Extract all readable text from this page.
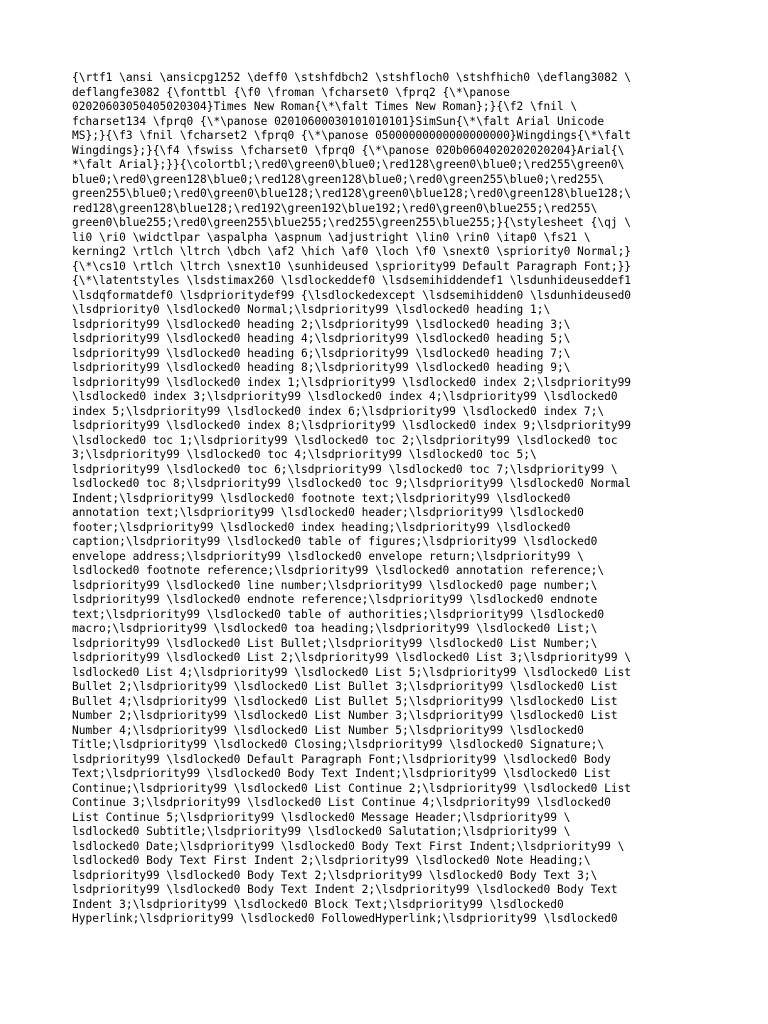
{\rtf1 \ansi \ansicpg1252 \deff0 \stshfdbch2 \stshfloch0 \stshfhich0 \deflang3082 \
deflangfe3082 {\fonttbl {\f0 \froman \fcharset0 \fprq2 {\*\panose
02020603050405020304}Times New Roman{\*\falt Times New Roman};}{\f2 \fnil \
fcharset134 \fprq0 {\*\panose 02010600030101010101}SimSun{\*\falt Arial Unicode
MS};}{\f3 \fnil \fcharset2 \fprq0 {\*\panose 05000000000000000000}Wingdings{\*\falt
Wingdings};}{\f4 \fswiss \fcharset0 \fprq0 {\*\panose 020b0604020202020204}Arial{\
*\falt Arial};}}{\colortbl;\red0\green0\blue0;\red128\green0\blue0;\red255\green0\
blue0;\red0\green128\blue0;\red128\green128\blue0;\red0\green255\blue0;\red255\
green255\blue0;\red0\green0\blue128;\red128\green0\blue128;\red0\green128\blue128;\
red128\green128\blue128;\red192\green192\blue192;\red0\green0\blue255;\red255\
green0\blue255;\red0\green255\blue255;\red255\green255\blue255;}{\stylesheet {\qj \
li0 \ri0 \widctlpar \aspalpha \aspnum \adjustright \lin0 \rin0 \itap0 \fs21 \
kerning2 \rtlch \ltrch \dbch \af2 \hich \af0 \loch \f0 \snext0 \spriority0 Normal;}
{\*\cs10 \rtlch \ltrch \snext10 \sunhideused \spriority99 Default Paragraph Font;}}
{\*\latentstyles \lsdstimax260 \lsdlockeddef0 \lsdsemihiddendef1 \lsdunhideuseddef1
\lsdqformatdef0 \lsdprioritydef99 {\lsdlockedexcept \lsdsemihidden0 \lsdunhideused0
\lsdpriority0 \lsdlocked0 Normal;\lsdpriority99 \lsdlocked0 heading 1;\
lsdpriority99 \lsdlocked0 heading 2;\lsdpriority99 \lsdlocked0 heading 3;\
lsdpriority99 \lsdlocked0 heading 4;\lsdpriority99 \lsdlocked0 heading 5;\
lsdpriority99 \lsdlocked0 heading 6;\lsdpriority99 \lsdlocked0 heading 7;\
lsdpriority99 \lsdlocked0 heading 8;\lsdpriority99 \lsdlocked0 heading 9;\
lsdpriority99 \lsdlocked0 index 1;\lsdpriority99 \lsdlocked0 index 2;\lsdpriority99
\lsdlocked0 index 3;\lsdpriority99 \lsdlocked0 index 4;\lsdpriority99 \lsdlocked0
index 5;\lsdpriority99 \lsdlocked0 index 6;\lsdpriority99 \lsdlocked0 index 7;\
lsdpriority99 \lsdlocked0 index 8;\lsdpriority99 \lsdlocked0 index 9;\lsdpriority99
\lsdlocked0 toc 1;\lsdpriority99 \lsdlocked0 toc 2;\lsdpriority99 \lsdlocked0 toc
3;\lsdpriority99 \lsdlocked0 toc 4;\lsdpriority99 \lsdlocked0 toc 5;\
lsdpriority99 \lsdlocked0 toc 6;\lsdpriority99 \lsdlocked0 toc 7;\lsdpriority99 \
lsdlocked0 toc 8;\lsdpriority99 \lsdlocked0 toc 9;\lsdpriority99 \lsdlocked0 Normal
Indent;\lsdpriority99 \lsdlocked0 footnote text;\lsdpriority99 \lsdlocked0
annotation text;\lsdpriority99 \lsdlocked0 header;\lsdpriority99 \lsdlocked0
footer;\lsdpriority99 \lsdlocked0 index heading;\lsdpriority99 \lsdlocked0
caption;\lsdpriority99 \lsdlocked0 table of figures;\lsdpriority99 \lsdlocked0
envelope address;\lsdpriority99 \lsdlocked0 envelope return;\lsdpriority99 \
lsdlocked0 footnote reference;\lsdpriority99 \lsdlocked0 annotation reference;\
lsdpriority99 \lsdlocked0 line number;\lsdpriority99 \lsdlocked0 page number;\
lsdpriority99 \lsdlocked0 endnote reference;\lsdpriority99 \lsdlocked0 endnote
text;\lsdpriority99 \lsdlocked0 table of authorities;\lsdpriority99 \lsdlocked0
macro;\lsdpriority99 \lsdlocked0 toa heading;\lsdpriority99 \lsdlocked0 List;\
lsdpriority99 \lsdlocked0 List Bullet;\lsdpriority99 \lsdlocked0 List Number;\
lsdpriority99 \lsdlocked0 List 2;\lsdpriority99 \lsdlocked0 List 3;\lsdpriority99 \
lsdlocked0 List 4;\lsdpriority99 \lsdlocked0 List 5;\lsdpriority99 \lsdlocked0 List
Bullet 2;\lsdpriority99 \lsdlocked0 List Bullet 3;\lsdpriority99 \lsdlocked0 List
Bullet 4;\lsdpriority99 \lsdlocked0 List Bullet 5;\lsdpriority99 \lsdlocked0 List
Number 2;\lsdpriority99 \lsdlocked0 List Number 3;\lsdpriority99 \lsdlocked0 List
Number 4;\lsdpriority99 \lsdlocked0 List Number 5;\lsdpriority99 \lsdlocked0
Title;\lsdpriority99 \lsdlocked0 Closing;\lsdpriority99 \lsdlocked0 Signature;\
lsdpriority99 \lsdlocked0 Default Paragraph Font;\lsdpriority99 \lsdlocked0 Body
Text;\lsdpriority99 \lsdlocked0 Body Text Indent;\lsdpriority99 \lsdlocked0 List
Continue;\lsdpriority99 \lsdlocked0 List Continue 2;\lsdpriority99 \lsdlocked0 List
Continue 3;\lsdpriority99 \lsdlocked0 List Continue 4;\lsdpriority99 \lsdlocked0
List Continue 5;\lsdpriority99 \lsdlocked0 Message Header;\lsdpriority99 \
lsdlocked0 Subtitle;\lsdpriority99 \lsdlocked0 Salutation;\lsdpriority99 \
lsdlocked0 Date;\lsdpriority99 \lsdlocked0 Body Text First Indent;\lsdpriority99 \
lsdlocked0 Body Text First Indent 2;\lsdpriority99 \lsdlocked0 Note Heading;\
lsdpriority99 \lsdlocked0 Body Text 2;\lsdpriority99 \lsdlocked0 Body Text 3;\
lsdpriority99 \lsdlocked0 Body Text Indent 2;\lsdpriority99 \lsdlocked0 Body Text
Indent 3;\lsdpriority99 \lsdlocked0 Block Text;\lsdpriority99 \lsdlocked0
Hyperlink;\lsdpriority99 \lsdlocked0 FollowedHyperlink;\lsdpriority99 \lsdlocked0
